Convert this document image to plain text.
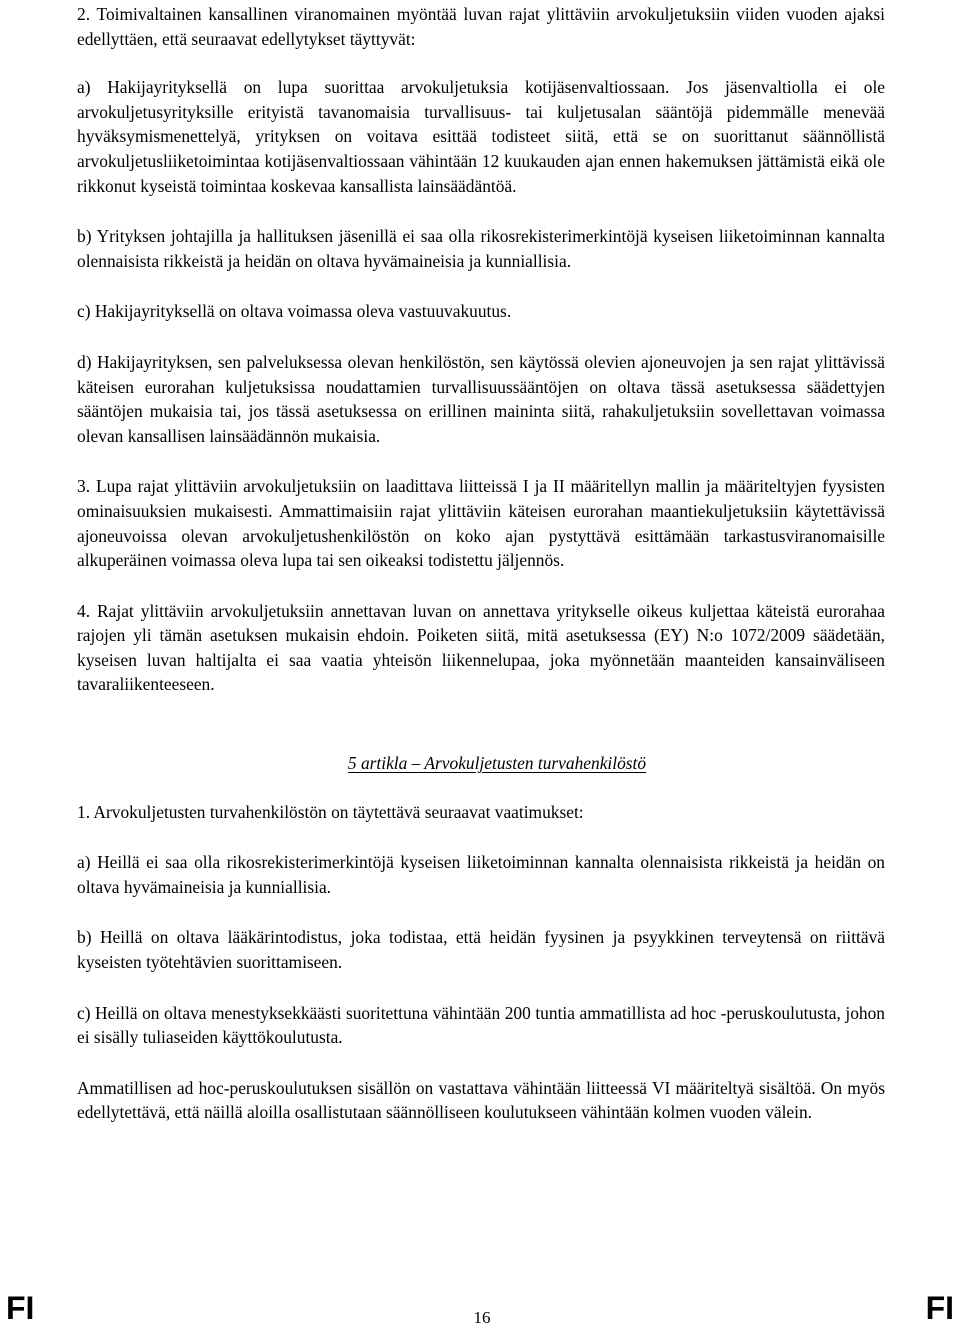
2. Toimivaltainen kansallinen viranomainen myöntää luvan rajat ylittäviin arvokuljetuksiin viiden vuoden ajaksi edellyttäen, että seuraavat edellytykset täyttyvät:

a) Hakijayrityksellä on lupa suorittaa arvokuljetuksia kotijäsenvaltiossaan. Jos jäsenvaltiolla ei ole arvokuljetusyrityksille erityistä tavanomaisia turvallisuus- tai kuljetusalan sääntöjä pidemmälle menevää hyväksymismenettelyä, yrityksen on voitava esittää todisteet siitä, että se on suorittanut säännöllistä arvokuljetusliiketoimintaa kotijäsenvaltiossaan vähintään 12 kuukauden ajan ennen hakemuksen jättämistä eikä ole rikkonut kyseistä toimintaa koskevaa kansallista lainsäädäntöä.

b) Yrityksen johtajilla ja hallituksen jäsenillä ei saa olla rikosrekisterimerkintöjä kyseisen liiketoiminnan kannalta olennaisista rikkeistä ja heidän on oltava hyvämaineisia ja kunniallisia.

c) Hakijayrityksellä on oltava voimassa oleva vastuuvakuutus.

d) Hakijayrityksen, sen palveluksessa olevan henkilöstön, sen käytössä olevien ajoneuvojen ja sen rajat ylittävissä käteisen eurorahan kuljetuksissa noudattamien turvallisuussääntöjen on oltava tässä asetuksessa säädettyjen sääntöjen mukaisia tai, jos tässä asetuksessa on erillinen maininta siitä, rahakuljetuksiin sovellettavan voimassa olevan kansallisen lainsäädännön mukaisia.

3. Lupa rajat ylittäviin arvokuljetuksiin on laadittava liitteissä I ja II määritellyn mallin ja määriteltyjen fyysisten ominaisuuksien mukaisesti. Ammattimaisiin rajat ylittäviin käteisen eurorahan maantiekuljetuksiin käytettävissä ajoneuvoissa olevan arvokuljetushenkilöstön on koko ajan pystyttävä esittämään tarkastusviranomaisille alkuperäinen voimassa oleva lupa tai sen oikeaksi todistettu jäljennös.

4. Rajat ylittäviin arvokuljetuksiin annettavan luvan on annettava yritykselle oikeus kuljettaa käteistä eurorahaa rajojen yli tämän asetuksen mukaisin ehdoin. Poiketen siitä, mitä asetuksessa (EY) N:o 1072/2009 säädetään, kyseisen luvan haltijalta ei saa vaatia yhteisön liikennelupaa, joka myönnetään maanteiden kansainväliseen tavaraliikenteeseen.

5 artikla – Arvokuljetusten turvahenkilöstö

1. Arvokuljetusten turvahenkilöstön on täytettävä seuraavat vaatimukset:

a) Heillä ei saa olla rikosrekisterimerkintöjä kyseisen liiketoiminnan kannalta olennaisista rikkeistä ja heidän on oltava hyvämaineisia ja kunniallisia.

b) Heillä on oltava lääkärintodistus, joka todistaa, että heidän fyysinen ja psyykkinen terveytensä on riittävä kyseisten työtehtävien suorittamiseen.

c) Heillä on oltava menestyksekkäästi suoritettuna vähintään 200 tuntia ammatillista ad hoc -peruskoulutusta, johon ei sisälly tuliaseiden käyttökoulutusta.

Ammatillisen ad hoc-peruskoulutuksen sisällön on vastattava vähintään liitteessä VI määriteltyä sisältöä. On myös edellytettävä, että näillä aloilla osallistutaan säännölliseen koulutukseen vähintään kolmen vuoden välein.

FI	16	FI
